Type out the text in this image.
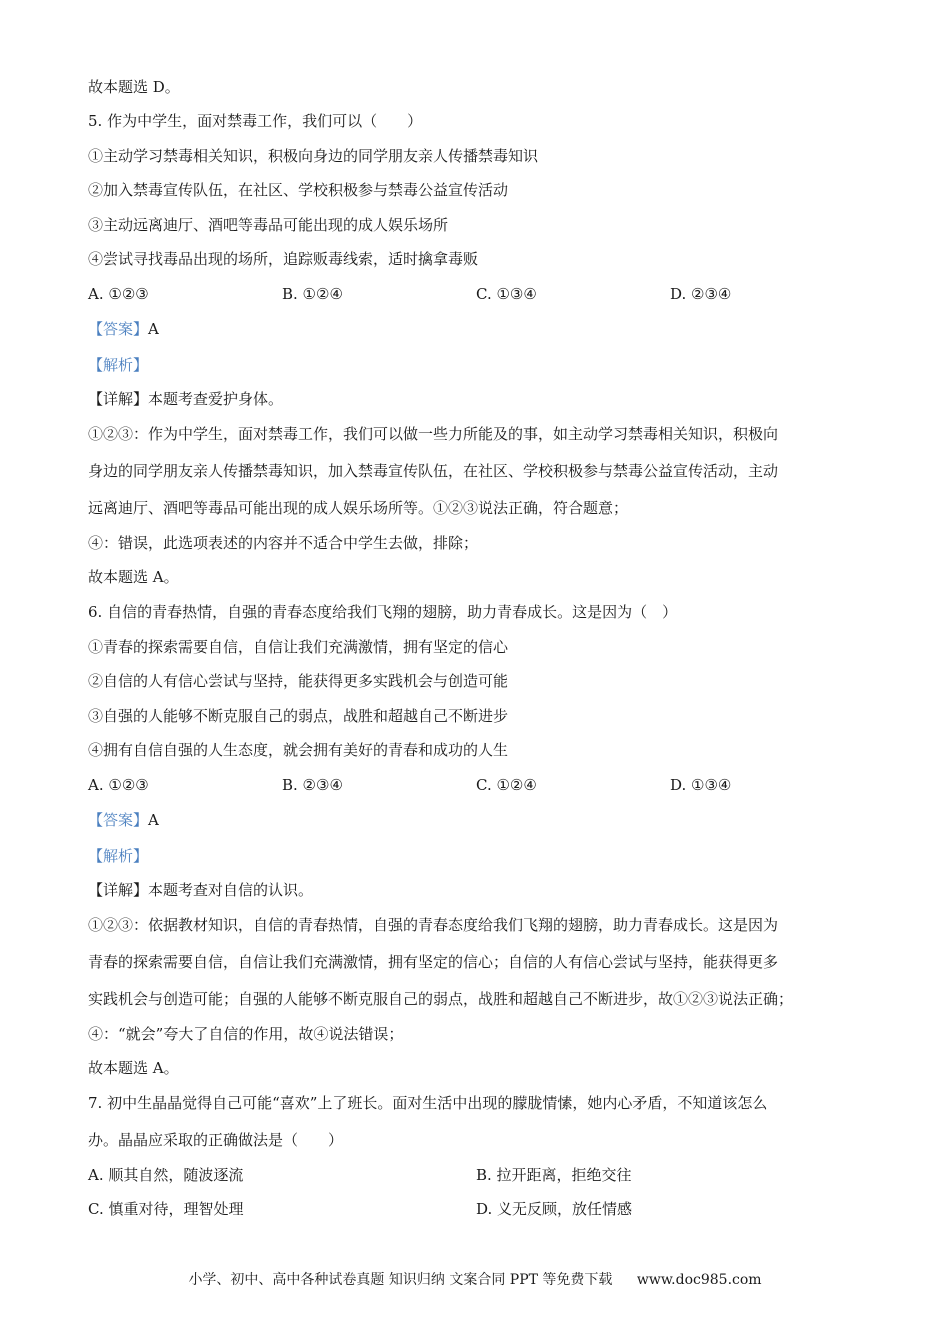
故本题选 D。
5. 作为中学生，面对禁毒工作，我们可以（　　）
①主动学习禁毒相关知识，积极向身边的同学朋友亲人传播禁毒知识
②加入禁毒宣传队伍，在社区、学校积极参与禁毒公益宣传活动
③主动远离迪厅、酒吧等毒品可能出现的成人娱乐场所
④尝试寻找毒品出现的场所，追踪贩毒线索，适时擒拿毒贩
A. ①②③	B. ①②④	C. ①③④	D. ②③④
【答案】A
【解析】
【详解】本题考查爱护身体。
①②③：作为中学生，面对禁毒工作，我们可以做一些力所能及的事，如主动学习禁毒相关知识，积极向
身边的同学朋友亲人传播禁毒知识，加入禁毒宣传队伍，在社区、学校积极参与禁毒公益宣传活动，主动
远离迪厅、酒吧等毒品可能出现的成人娱乐场所等。①②③说法正确，符合题意；
④：错误，此选项表述的内容并不适合中学生去做，排除；
故本题选 A。
6. 自信的青春热情，自强的青春态度给我们飞翔的翅膀，助力青春成长。这是因为（　）
①青春的探索需要自信，自信让我们充满激情，拥有坚定的信心
②自信的人有信心尝试与坚持，能获得更多实践机会与创造可能
③自强的人能够不断克服自己的弱点，战胜和超越自己不断进步
④拥有自信自强的人生态度，就会拥有美好的青春和成功的人生
A. ①②③	B. ②③④	C. ①②④	D. ①③④
【答案】A
【解析】
【详解】本题考查对自信的认识。
①②③：依据教材知识，自信的青春热情，自强的青春态度给我们飞翔的翅膀，助力青春成长。这是因为
青春的探索需要自信，自信让我们充满激情，拥有坚定的信心；自信的人有信心尝试与坚持，能获得更多
实践机会与创造可能；自强的人能够不断克服自己的弱点，战胜和超越自己不断进步，故①②③说法正确；
④：“就会”夸大了自信的作用，故④说法错误；
故本题选 A。
7. 初中生晶晶觉得自己可能“喜欢”上了班长。面对生活中出现的朦胧情愫，她内心矛盾，不知道该怎么
办。晶晶应采取的正确做法是（　　）
A. 顺其自然，随波逐流	B. 拉开距离，拒绝交往
C. 慎重对待，理智处理	D. 义无反顾，放任情感
小学、初中、高中各种试卷真题 知识归纳 文案合同 PPT 等免费下载 www.doc985.com
